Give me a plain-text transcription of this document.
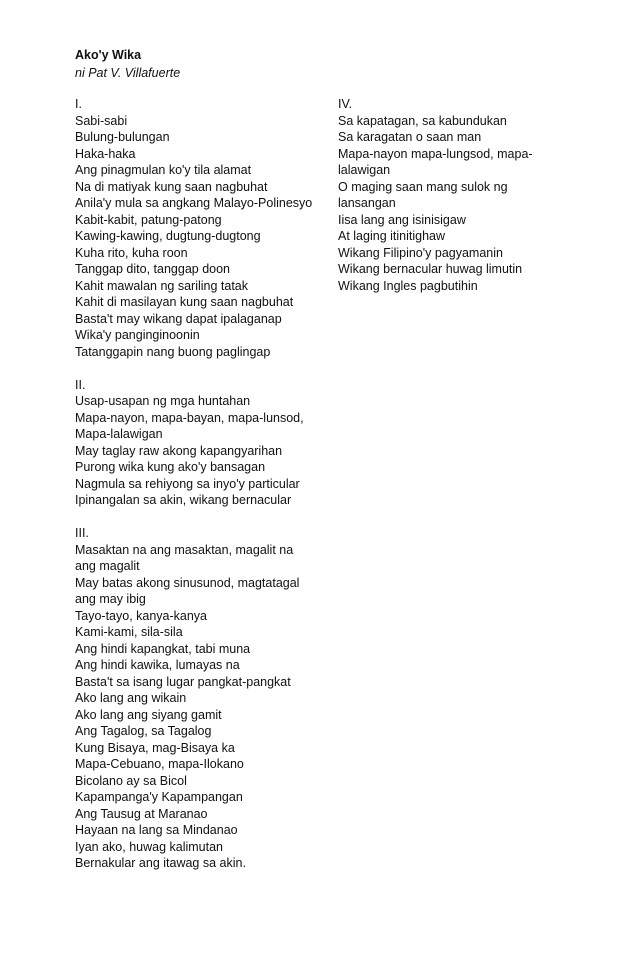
Ako'y Wika

ni Pat V. Villafuerte

I.
Sabi-sabi
Bulung-bulungan
Haka-haka
Ang pinagmulan ko'y tila alamat
Na di matiyak kung saan nagbuhat
Anila'y mula sa angkang Malayo-Polinesyo
Kabit-kabit, patung-patong
Kawing-kawing, dugtung-dugtong
Kuha rito, kuha roon
Tanggap dito, tanggap doon
Kahit mawalan ng sariling tatak
Kahit di masilayan kung saan nagbuhat
Basta't may wikang dapat ipalaganap
Wika'y panginginoonin
Tatanggapin nang buong paglingap
II.
Usap-usapan ng mga huntahan
Mapa-nayon, mapa-bayan, mapa-lunsod,
Mapa-lalawigan
May taglay raw akong kapangyarihan
Purong wika kung ako'y bansagan
Nagmula sa rehiyong sa inyo'y particular
Ipinangalan sa akin, wikang bernacular
III.
Masaktan na ang masaktan, magalit na ang magalit
May batas akong sinusunod, magtatagal ang may ibig
Tayo-tayo, kanya-kanya
Kami-kami, sila-sila
Ang hindi kapangkat, tabi muna
Ang hindi kawika, lumayas na
Basta't sa isang lugar pangkat-pangkat
Ako lang ang wikain
Ako lang ang siyang gamit
Ang Tagalog, sa Tagalog
Kung Bisaya, mag-Bisaya ka
Mapa-Cebuano, mapa-Ilokano
Bicolano ay sa Bicol
Kapampanga'y Kapampangan
Ang Tausug at Maranao
Hayaan na lang sa Mindanao
Iyan ako, huwag kalimutan
Bernakular ang itawag sa akin.
IV.
Sa kapatagan, sa kabundukan
Sa karagatan o saan man
Mapa-nayon mapa-lungsod, mapa-lalawigan
O maging saan mang sulok ng lansangan
Iisa lang ang isinisigaw
At laging itinitighaw
Wikang Filipino'y pagyamanin
Wikang bernacular huwag limutin
Wikang Ingles pagbutihin
